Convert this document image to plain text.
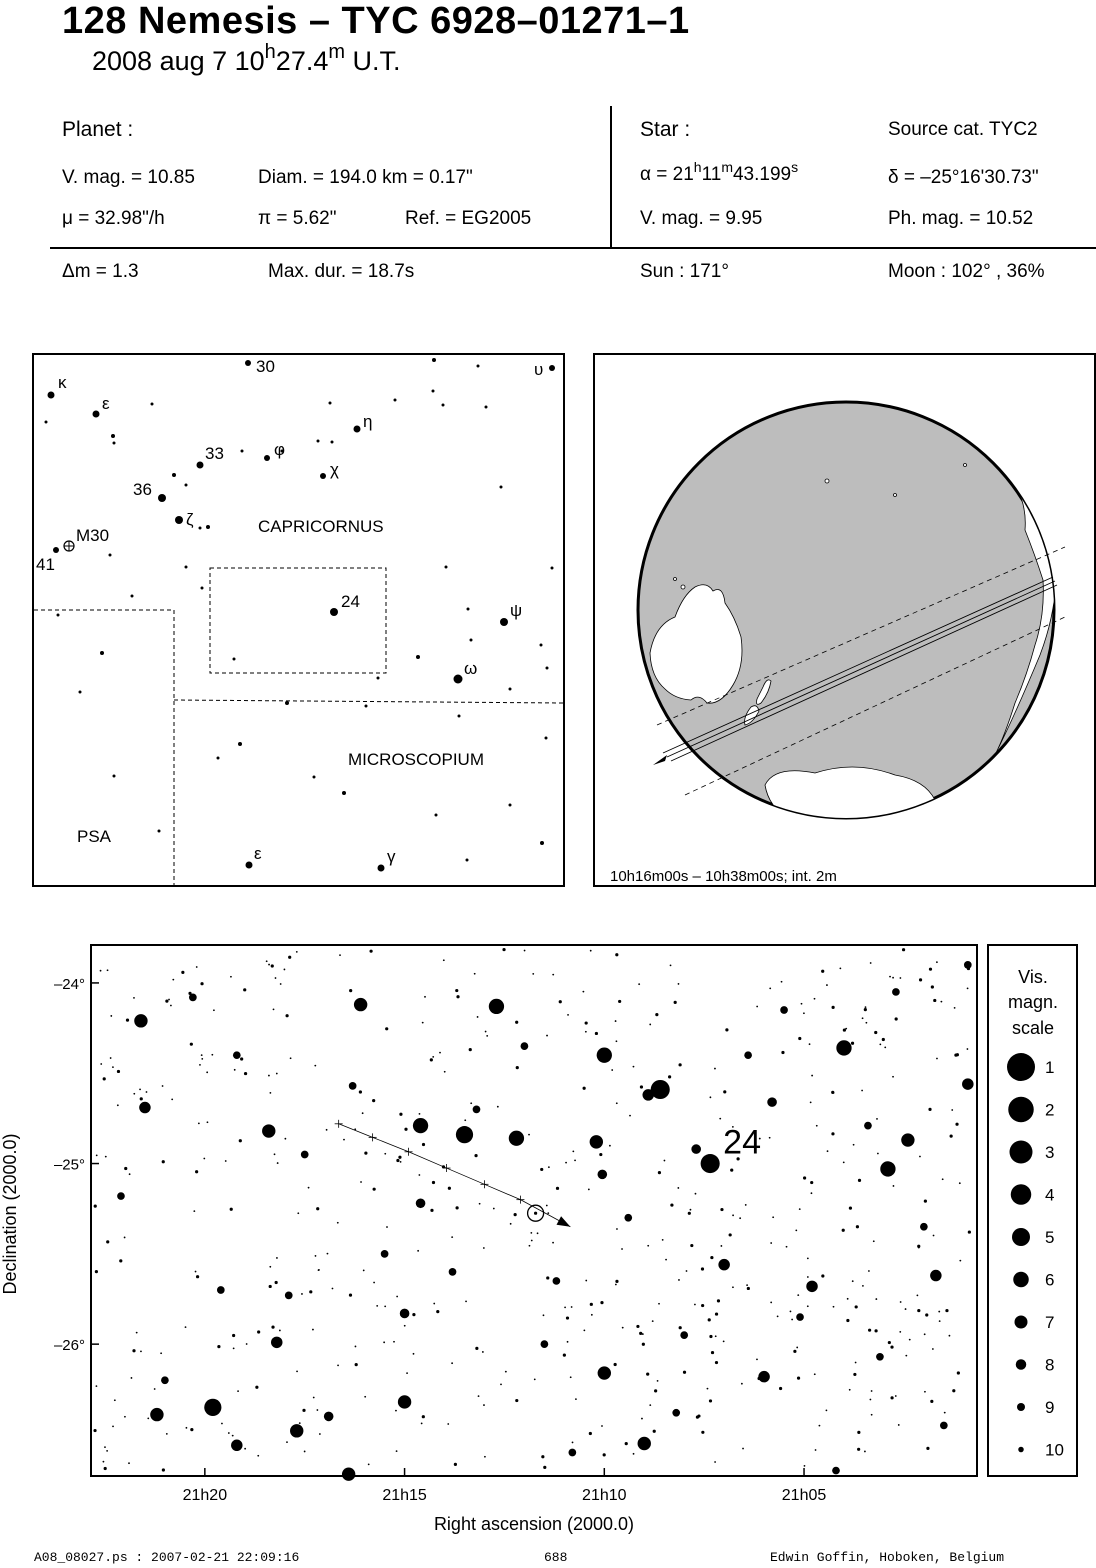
128 Nemesis – TYC 6928–01271–1
2008 aug 7 10$^h$27.4$^m$ U.T.
Planet :
V. mag. = 10.85	Diam. = 194.0 km = 0.17"
μ = 32.98"/h	π = 5.62"	Ref. = EG2005
Star :	Source cat. TYC2
$\alpha = 21^h11^m43.199^s$	δ = –25°16'30.73"
V. mag. = 9.95	Ph. mag. = 10.52
Δm = 1.3	Max. dur. = 18.7s	Sun : 171°	Moon : 102° , 36%
κ
ε
30	υ
η
33	φ
χ
36
ζ
M30
41
24	ψ
ω
ε	γ
CAPRICORNUS
MICROSCOPIUM
PSA
10h16m00s – 10h38m00s; int. 2m
–24°
–25°
–26°
21h20	21h15	21h10	21h05
24
Right ascension (2000.0)
Declination (2000.0)
Vis.
magn.
scale
1
2
3
4
5
6
7
8
9
10
A08_08027.ps : 2007-02-21 22:09:16	688	Edwin Goffin, Hoboken, Belgium
